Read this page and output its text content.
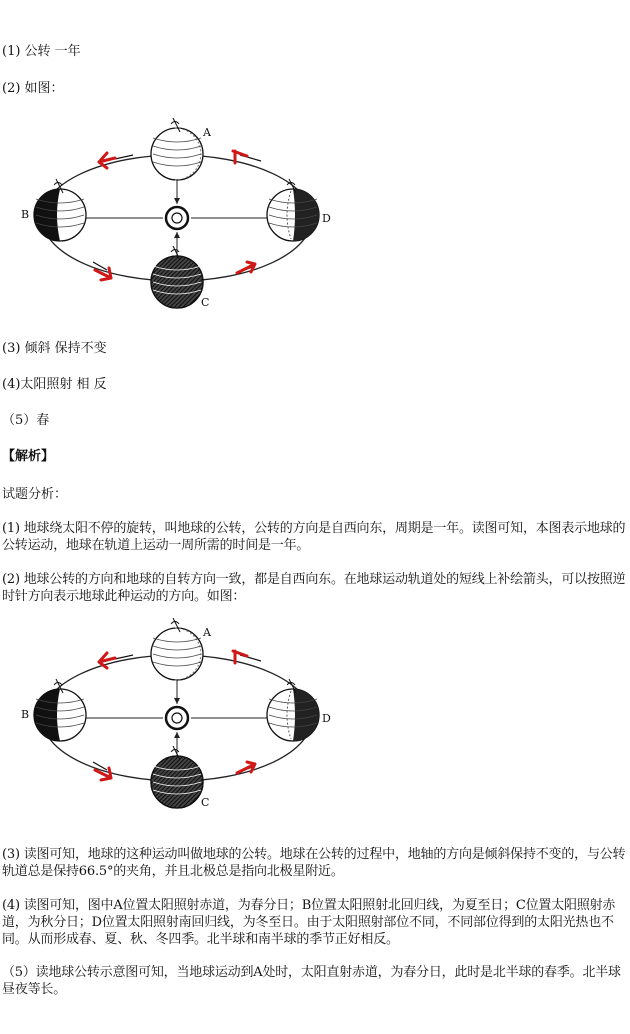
(1) 公转 一年
(2) 如图：
A
B
C
D
(3) 倾斜 保持不变
(4)太阳照射 相 反
（5）春
【解析】
试题分析：
(1) 地球绕太阳不停的旋转，叫地球的公转，公转的方向是自西向东，周期是一年。读图可知，本图表示地球的公转运动，地球在轨道上运动一周所需的时间是一年。
(2) 地球公转的方向和地球的自转方向一致，都是自西向东。在地球运动轨道处的短线上补绘箭头，可以按照逆时针方向表示地球此种运动的方向。如图：
A
B
C
D
(3) 读图可知，地球的这种运动叫做地球的公转。地球在公转的过程中，地轴的方向是倾斜保持不变的，与公转轨道总是保持66.5°的夹角，并且北极总是指向北极星附近。
(4) 读图可知，图中A位置太阳照射赤道，为春分日；B位置太阳照射北回归线，为夏至日；C位置太阳照射赤道，为秋分日；D位置太阳照射南回归线，为冬至日。由于太阳照射部位不同，不同部位得到的太阳光热也不同。从而形成春、夏、秋、冬四季。北半球和南半球的季节正好相反。
（5）读地球公转示意图可知，当地球运动到A处时，太阳直射赤道，为春分日，此时是北半球的春季。北半球昼夜等长。
